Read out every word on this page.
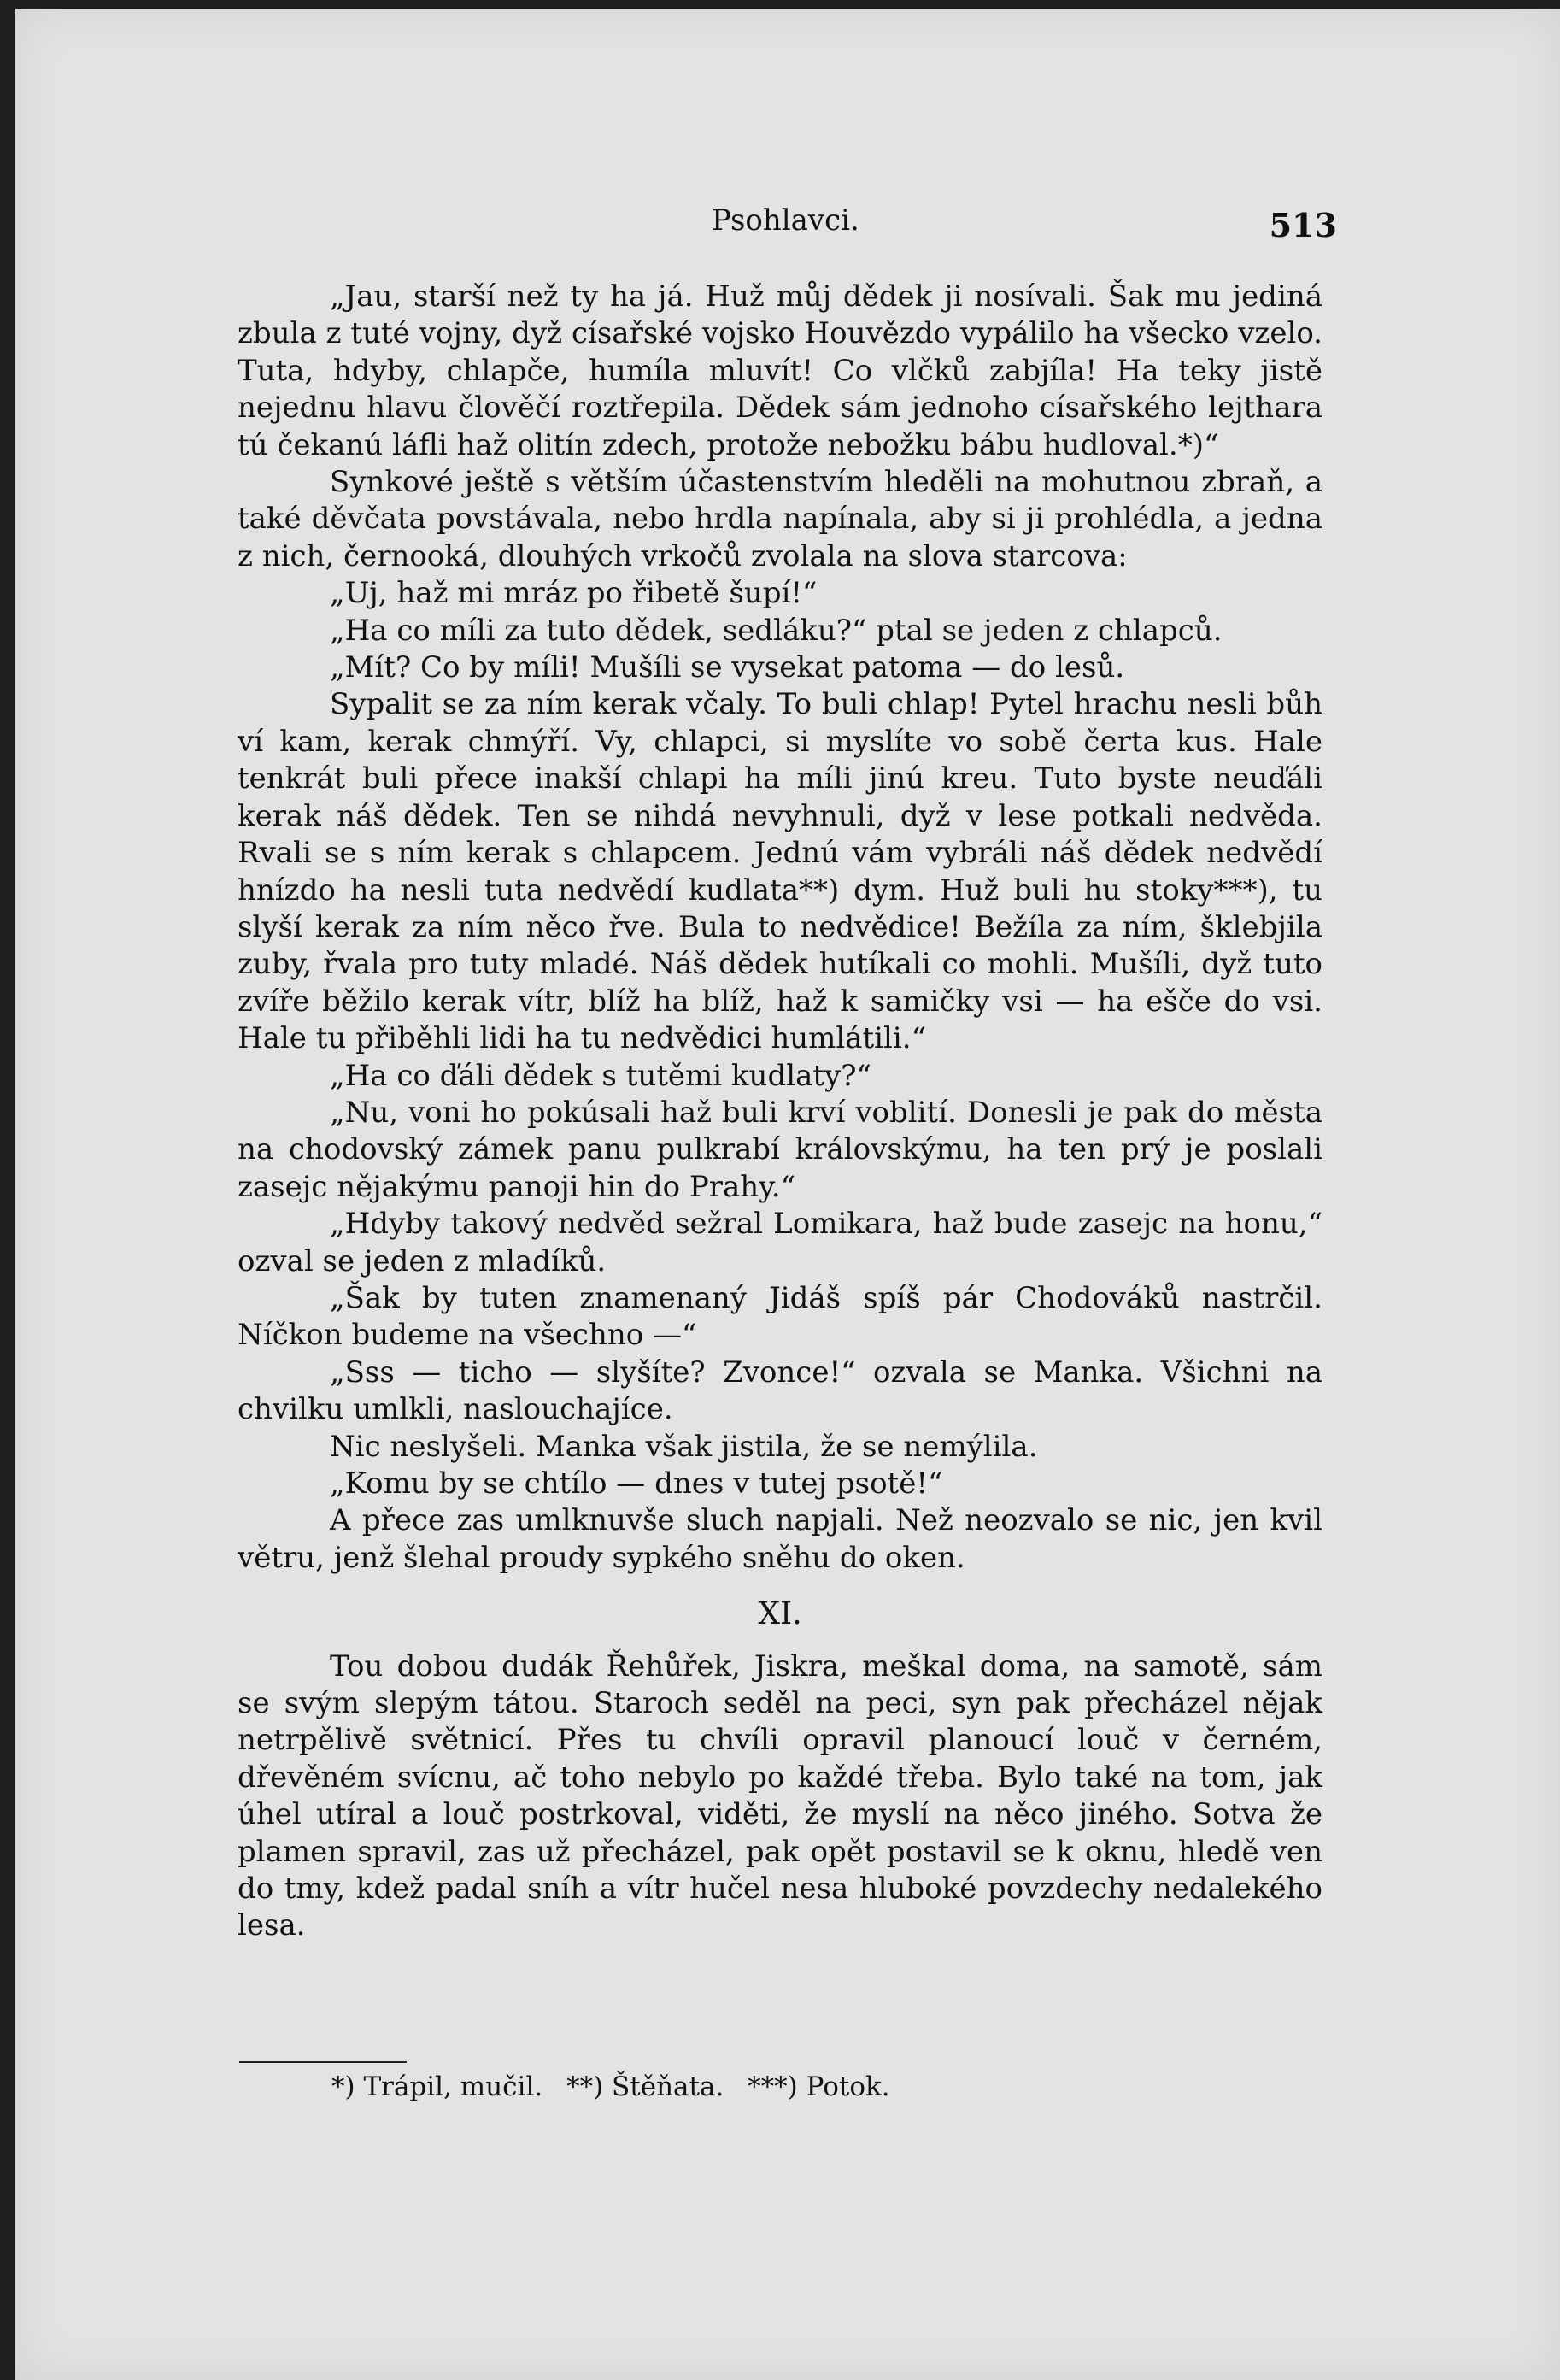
Psohlavci.	513

„Jau, starší než ty ha já. Huž můj dědek ji nosívali. Šak mu jediná zbula z tuté vojny, dyž císařské vojsko Houvězdo vypálilo ha všecko vzelo. Tuta, hdyby, chlapče, humíla mluvít! Co vlčků zabjíla! Ha teky jistě nejednu hlavu člověčí roztřepila. Dědek sám jednoho císařského lejthara tú čekanú láfli haž olitín zdech, protože nebožku bábu hudloval.*)“

Synkové ještě s větším účastenstvím hleděli na mohutnou zbraň, a také děvčata povstávala, nebo hrdla napínala, aby si ji prohlédla, a jedna z nich, černooká, dlouhých vrkočů zvolala na slova starcova:

„Uj, haž mi mráz po řibetě šupí!“

„Ha co míli za tuto dědek, sedláku?“ ptal se jeden z chlapců.

„Mít? Co by míli! Mušíli se vysekat patoma — do lesů.

Sypalit se za ním kerak včaly. To buli chlap! Pytel hrachu nesli bůh ví kam, kerak chmýří. Vy, chlapci, si myslíte vo sobě čerta kus. Hale tenkrát buli přece inakší chlapi ha míli jinú kreu. Tuto byste neuďáli kerak náš dědek. Ten se nihdá nevyhnuli, dyž v lese potkali nedvěda. Rvali se s ním kerak s chlapcem. Jednú vám vybráli náš dědek nedvědí hnízdo ha nesli tuta nedvědí kudlata**) dym. Huž buli hu stoky***), tu slyší kerak za ním něco řve. Bula to nedvědice! Bežíla za ním, šklebjila zuby, řvala pro tuty mladé. Náš dědek hutíkali co mohli. Mušíli, dyž tuto zvíře běžilo kerak vítr, blíž ha blíž, haž k samičky vsi — ha ešče do vsi. Hale tu přiběhli lidi ha tu nedvědici humlátili.“

„Ha co ďáli dědek s tutěmi kudlaty?“

„Nu, voni ho pokúsali haž buli krví voblití. Donesli je pak do města na chodovský zámek panu pulkrabí královskýmu, ha ten prý je poslali zasejc nějakýmu panoji hin do Prahy.“

„Hdyby takový nedvěd sežral Lomikara, haž bude zasejc na honu,“ ozval se jeden z mladíků.

„Šak by tuten znamenaný Jidáš spíš pár Chodováků nastrčil. Níčkon budeme na všechno —“

„Sss — ticho — slyšíte? Zvonce!“ ozvala se Manka. Všichni na chvilku umlkli, naslouchajíce.

Nic neslyšeli. Manka však jistila, že se nemýlila.

„Komu by se chtílo — dnes v tutej psotě!“

A přece zas umlknuvše sluch napjali. Než neozvalo se nic, jen kvil větru, jenž šlehal proudy sypkého sněhu do oken.

XI.

Tou dobou dudák Řehůřek, Jiskra, meškal doma, na samotě, sám se svým slepým tátou. Staroch seděl na peci, syn pak přecházel nějak netrpělivě světnicí. Přes tu chvíli opravil planoucí louč v černém, dřevěném svícnu, ač toho nebylo po každé třeba. Bylo také na tom, jak úhel utíral a louč postrkoval, viděti, že myslí na něco jiného. Sotva že plamen spravil, zas už přecházel, pak opět postavil se k oknu, hledě ven do tmy, kdež padal sníh a vítr hučel nesa hluboké povzdechy nedalekého lesa.

*) Trápil, mučil. **) Štěňata. ***) Potok.
